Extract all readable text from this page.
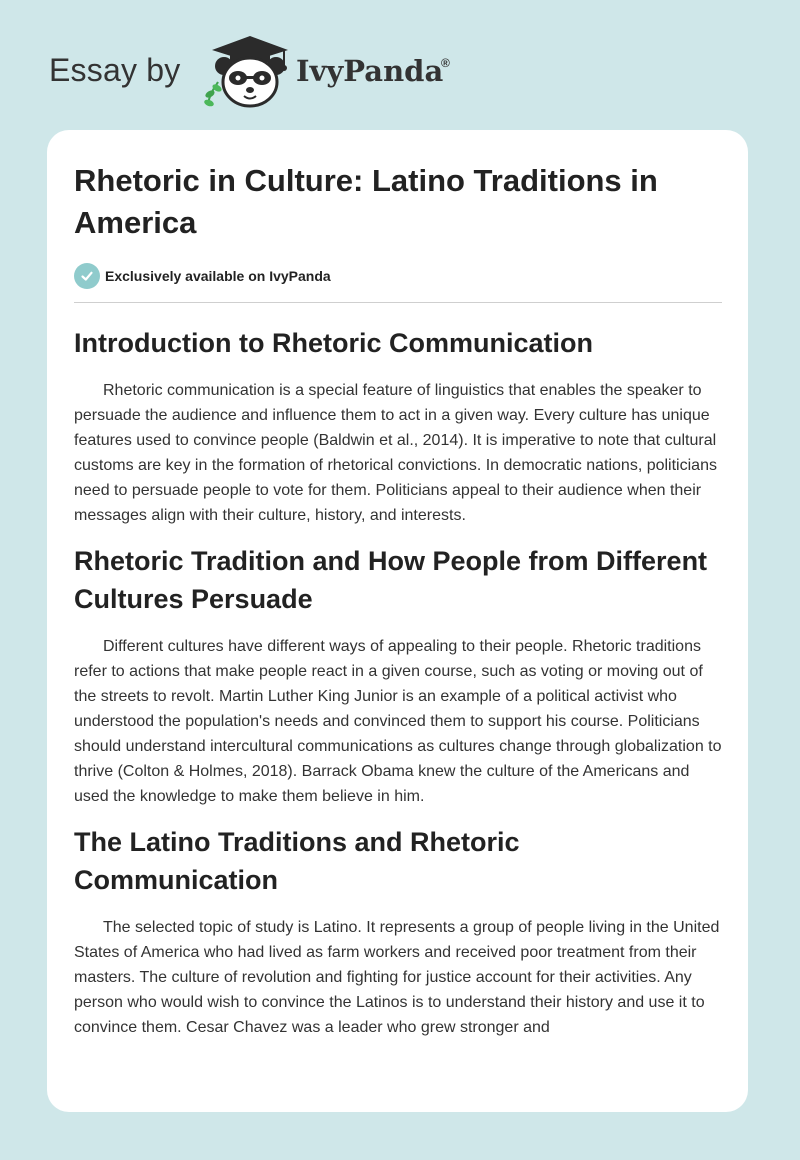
Essay by	IvyPanda
®
Rhetoric in Culture: Latino Traditions in America
Exclusively available on IvyPanda
Introduction to Rhetoric Communication

Rhetoric communication is a special feature of linguistics that enables the speaker to persuade the audience and influence them to act in a given way. Every culture has unique features used to convince people (Baldwin et al., 2014). It is imperative to note that cultural customs are key in the formation of rhetorical convictions. In democratic nations, politicians need to persuade people to vote for them. Politicians appeal to their audience when their messages align with their culture, history, and interests.

Rhetoric Tradition and How People from Different Cultures Persuade

Different cultures have different ways of appealing to their people. Rhetoric traditions refer to actions that make people react in a given course, such as voting or moving out of the streets to revolt. Martin Luther King Junior is an example of a political activist who understood the population's needs and convinced them to support his course. Politicians should understand intercultural communications as cultures change through globalization to thrive (Colton & Holmes, 2018). Barrack Obama knew the culture of the Americans and used the knowledge to make them believe in him.

The Latino Traditions and Rhetoric Communication

The selected topic of study is Latino. It represents a group of people living in the United States of America who had lived as farm workers and received poor treatment from their masters. The culture of revolution and fighting for justice account for their activities. Any person who would wish to convince the Latinos is to understand their history and use it to convince them. Cesar Chavez was a leader who grew stronger and
